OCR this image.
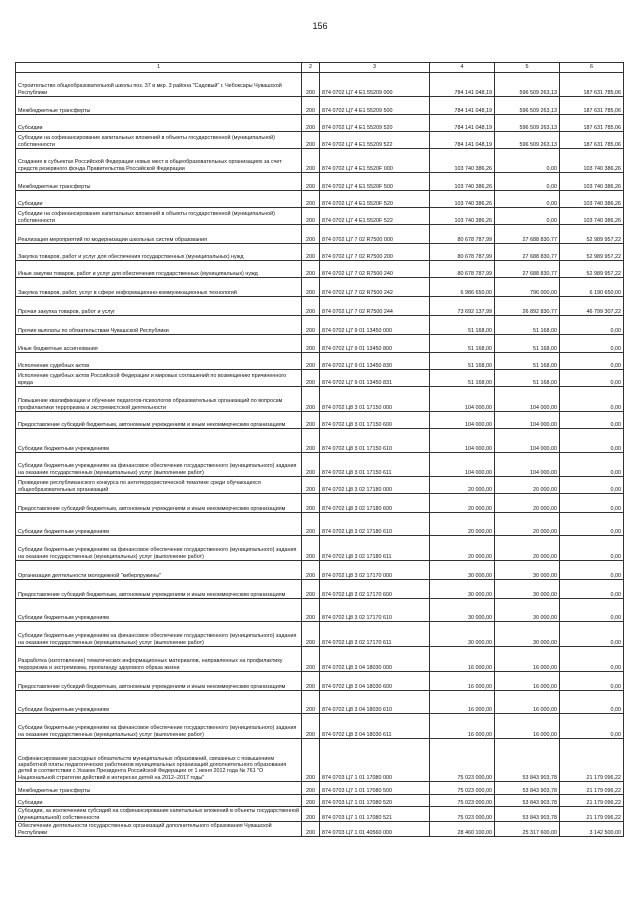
156
1	2	3	4	5	6
Строительство общеобразовательной школы поз. 37 в мкр. 3 района "Садовый" г. Чебоксары Чувашской Республики	200	874 0702 Ц7 4 Е1 55209 000	784 141 048,19	596 509 263,13	187 631 785,06
Межбюджетные трансферты	200	874 0702 Ц7 4 Е1 55209 500	784 141 048,19	596 509 263,13	187 631 785,06
Субсидии	200	874 0702 Ц7 4 Е1 55209 520	784 141 048,19	596 509 263,13	187 631 785,06
Субсидии на софинансирование капитальных вложений в объекты государственной (муниципальной) собственности	200	874 0702 Ц7 4 Е1 55209 522	784 141 048,19	596 509 263,13	187 631 785,06
Создание в субъектах Российской Федерации новых мест в общеобразовательных организациях за счет средств резервного фонда Правительства Российской Федерации	200	874 0702 Ц7 4 Е1 5520F 000	103 740 386,26	0,00	103 740 386,26
Межбюджетные трансферты	200	874 0702 Ц7 4 Е1 5520F 500	103 740 386,26	0,00	103 740 386,26
Субсидии	200	874 0702 Ц7 4 Е1 5520F 520	103 740 386,26	0,00	103 740 386,26
Субсидии на софинансирование капитальных вложений в объекты государственной (муниципальной) собственности	200	874 0702 Ц7 4 Е1 5520F 522	103 740 386,26	0,00	103 740 386,26
Реализация мероприятий по модернизации школьных систем образования	200	874 0702 Ц7 7 02 R7500 000	80 678 787,99	27 688 830,77	52 989 957,22
Закупка товаров, работ и услуг для обеспечения государственных (муниципальных) нужд	200	874 0702 Ц7 7 02 R7500 200	80 678 787,99	27 688 830,77	52 989 957,22
Иные закупки товаров, работ и услуг для обеспечения государственных (муниципальных) нужд	200	874 0702 Ц7 7 02 R7500 240	80 678 787,99	27 688 830,77	52 989 957,22
Закупка товаров, работ, услуг в сфере информационно-коммуникационных технологий	200	874 0702 Ц7 7 02 R7500 242	6 986 650,00	796 000,00	6 190 650,00
Прочая закупка товаров, работ и услуг	200	874 0702 Ц7 7 02 R7500 244	73 692 137,99	26 892 830,77	46 799 307,22
Прочие выплаты по обязательствам Чувашской Республики	200	874 0702 Ц7 9 01 13450 000	51 168,00	51 168,00	0,00
Иные бюджетные ассигнования	200	874 0702 Ц7 9 01 13450 800	51 168,00	51 168,00	0,00
Исполнение судебных актов	200	874 0702 Ц7 9 01 13450 830	51 168,00	51 168,00	0,00
Исполнение судебных актов Российской Федерации и мировых соглашений по возмещению причиненного вреда	200	874 0702 Ц7 9 01 13450 831	51 168,00	51 168,00	0,00
Повышение квалификации и обучение педагогов-психологов образовательных организаций по вопросам профилактики терроризма и экстремистской деятельности	200	874 0702 Ц8 3 01 17150 000	104 000,00	104 000,00	0,00
Предоставление субсидий бюджетным, автономным учреждениям и иным некоммерческим организациям	200	874 0702 Ц8 3 01 17150 600	104 000,00	104 000,00	0,00
Субсидии бюджетным учреждениям	200	874 0702 Ц8 3 01 17150 610	104 000,00	104 000,00	0,00
Субсидии бюджетным учреждениям на финансовое обеспечение государственного (муниципального) задания на оказание государственных (муниципальных) услуг (выполнение работ)	200	874 0702 Ц8 3 01 17150 611	104 000,00	104 000,00	0,00
Проведение республиканского конкурса по антитеррористической тематике среди обучающихся общеобразовательных организаций	200	874 0702 Ц8 3 02 17180 000	20 000,00	20 000,00	0,00
Предоставление субсидий бюджетным, автономным учреждениям и иным некоммерческим организациям	200	874 0702 Ц8 3 02 17180 600	20 000,00	20 000,00	0,00
Субсидии бюджетным учреждениям	200	874 0702 Ц8 3 02 17180 610	20 000,00	20 000,00	0,00
Субсидии бюджетным учреждениям на финансовое обеспечение государственного (муниципального) задания на оказание государственных (муниципальных) услуг (выполнение работ)	200	874 0702 Ц8 3 02 17180 611	20 000,00	20 000,00	0,00
Организация деятельности молодежной "киберлружины"	200	874 0702 Ц8 3 02 17170 000	30 000,00	30 000,00	0,00
Предоставление субсидий бюджетным, автономным учреждениям и иным некоммерческим организациям	200	874 0702 Ц8 3 02 17170 600	30 000,00	30 000,00	0,00
Субсидии бюджетным учреждениям	200	874 0702 Ц8 3 02 17170 610	30 000,00	30 000,00	0,00
Субсидии бюджетным учреждениям на финансовое обеспечение государственного (муниципального) задания на оказание государственных (муниципальных) услуг (выполнение работ)	200	874 0702 Ц8 3 02 17170 611	30 000,00	30 000,00	0,00
Разработка (изготовление) тематических информационных материалов, направленных на профилактику терроризма и экстремизма, пропаганду здорового образа жизни	200	874 0702 Ц8 3 04 18030 000	16 000,00	16 000,00	0,00
Предоставление субсидий бюджетным, автономным учреждениям и иным некоммерческим организациям	200	874 0702 Ц8 3 04 18030 600	16 000,00	16 000,00	0,00
Субсидии бюджетным учреждениям	200	874 0702 Ц8 3 04 18030 610	16 000,00	16 000,00	0,00
Субсидии бюджетным учреждениям на финансовое обеспечение государственного (муниципального) задания на оказание государственных (муниципальных) услуг (выполнение работ)	200	874 0702 Ц8 3 04 18030 611	16 000,00	16 000,00	0,00
Софинансирование расходных обязательств муниципальных образований, связанных с повышением заработной платы педагогических работников муниципальных организаций дополнительного образования детей в соответствии с Указом Президента Российской Федерации от 1 июня 2012 года № 761 "О Национальной стратегии действий в интересах детей на 2012–2017 годы"	200	874 0703 Ц7 1 01 17080 000	75 023 000,00	53 843 903,78	21 179 096,22
Межбюджетные трансферты	200	874 0703 Ц7 1 01 17080 500	75 023 000,00	53 843 903,78	21 179 096,22
Субсидии	200	874 0703 Ц7 1 01 17080 520	75 023 000,00	53 843 903,78	21 179 096,22
Субсидии, за исключением субсидий на софинансирование капитальных вложений в объекты государственной (муниципальной) собственности	200	874 0703 Ц7 1 01 17080 521	75 023 000,00	53 843 903,78	21 179 096,22
Обеспечение деятельности государственных организаций дополнительного образования Чувашской Республики	200	874 0703 Ц7 1 01 40560 000	28 460 100,00	25 317 600,00	3 142 500,00
